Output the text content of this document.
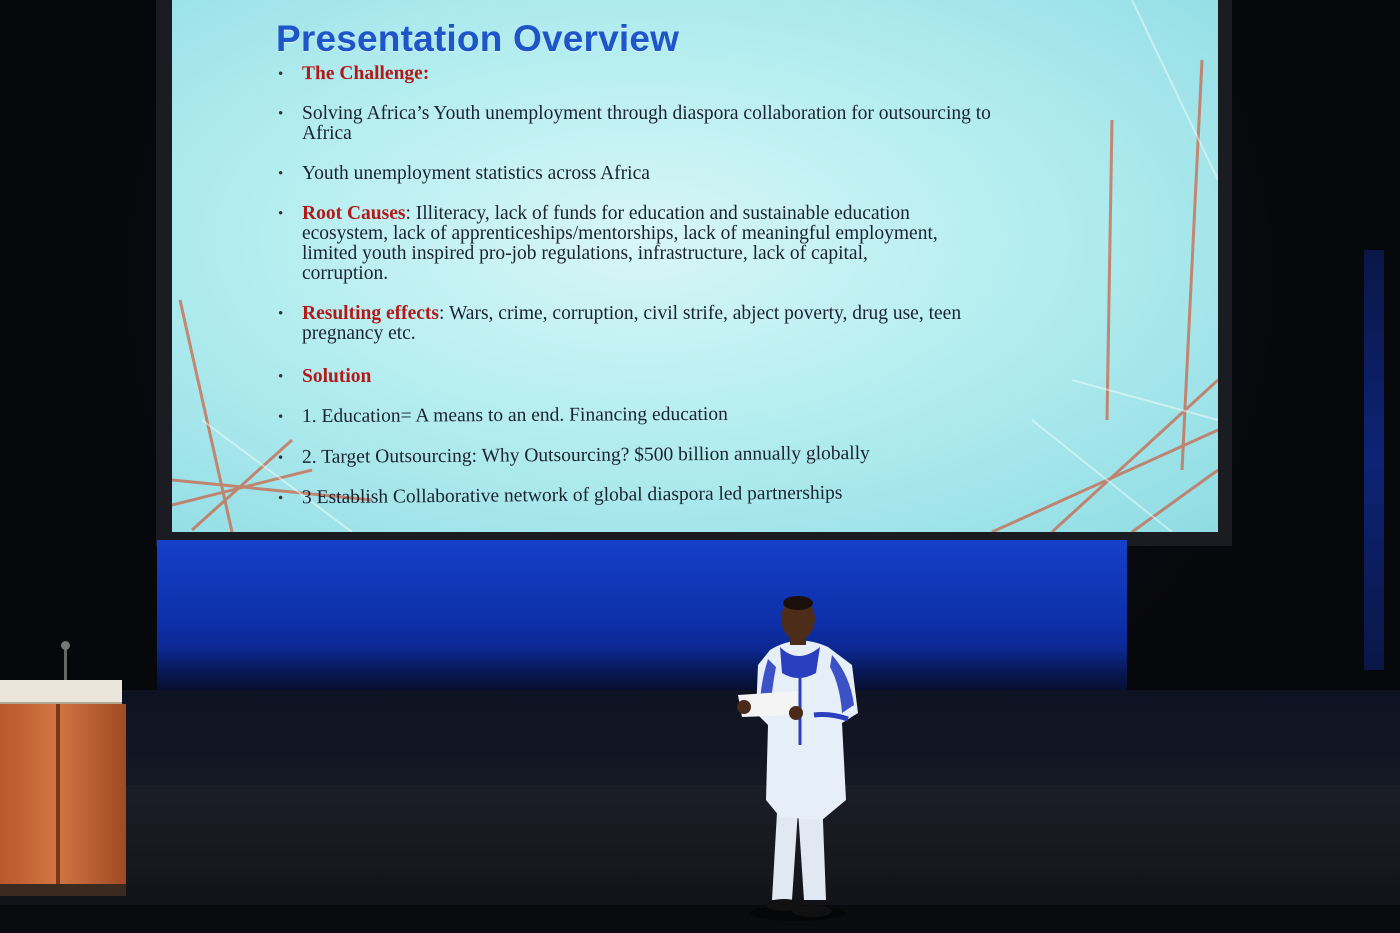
Presentation Overview
• The Challenge:
• Solving Africa’s Youth unemployment through diaspora collaboration for outsourcing to Africa
• Youth unemployment statistics across Africa
• Root Causes: Illiteracy, lack of funds for education and sustainable education ecosystem, lack of apprenticeships/mentorships, lack of meaningful employment, limited youth inspired pro-job regulations, infrastructure, lack of capital, corruption.
• Resulting effects: Wars, crime, corruption, civil strife, abject poverty, drug use, teen pregnancy etc.
• Solution
• 1. Education= A means to an end. Financing education
• 2. Target Outsourcing: Why Outsourcing? $500 billion annually globally
• 3 Establish Collaborative network of global diaspora led partnerships
